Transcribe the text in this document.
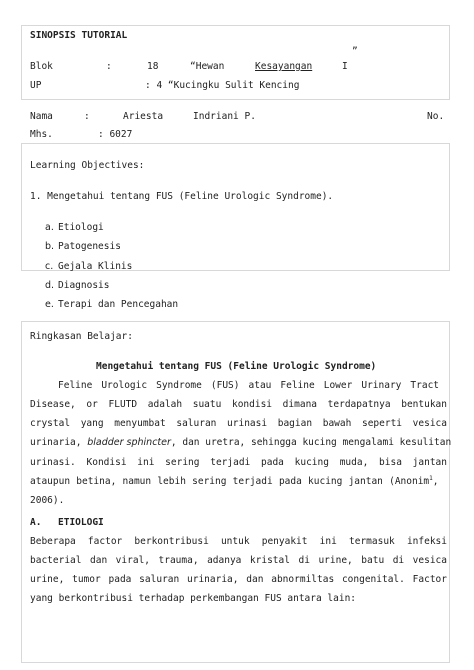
SINOPSIS TUTORIAL
”
Blok	:	18	“Hewan	Kesayangan	I
UP	: 4 “Kucingku Sulit Kencing
Nama	:	Ariesta	Indriani P.	No.
Mhs.	: 6027
Learning Objectives:
1. Mengetahui tentang FUS (Feline Urologic Syndrome).
a. Etiologi
b. Patogenesis
c. Gejala Klinis
d. Diagnosis
e. Terapi dan Pencegahan
Ringkasan Belajar:
Mengetahui tentang FUS (Feline Urologic Syndrome)
Feline Urologic Syndrome (FUS) atau Feline Lower Urinary Tract
Disease, or FLUTD adalah suatu kondisi dimana terdapatnya bentukan
crystal yang menyumbat saluran urinasi bagian bawah seperti vesica
urinaria, bladder sphincter, dan uretra, sehingga kucing mengalami kesulitan
urinasi. Kondisi ini sering terjadi pada kucing muda, bisa jantan
ataupun betina, namun lebih sering terjadi pada kucing jantan (Anonim$^1$,
2006).
A. ETIOLOGI
Beberapa factor berkontribusi untuk penyakit ini termasuk infeksi
bacterial dan viral, trauma, adanya kristal di urine, batu di vesica
urine, tumor pada saluran urinaria, dan abnormiltas congenital. Factor
yang berkontribusi terhadap perkembangan FUS antara lain:
